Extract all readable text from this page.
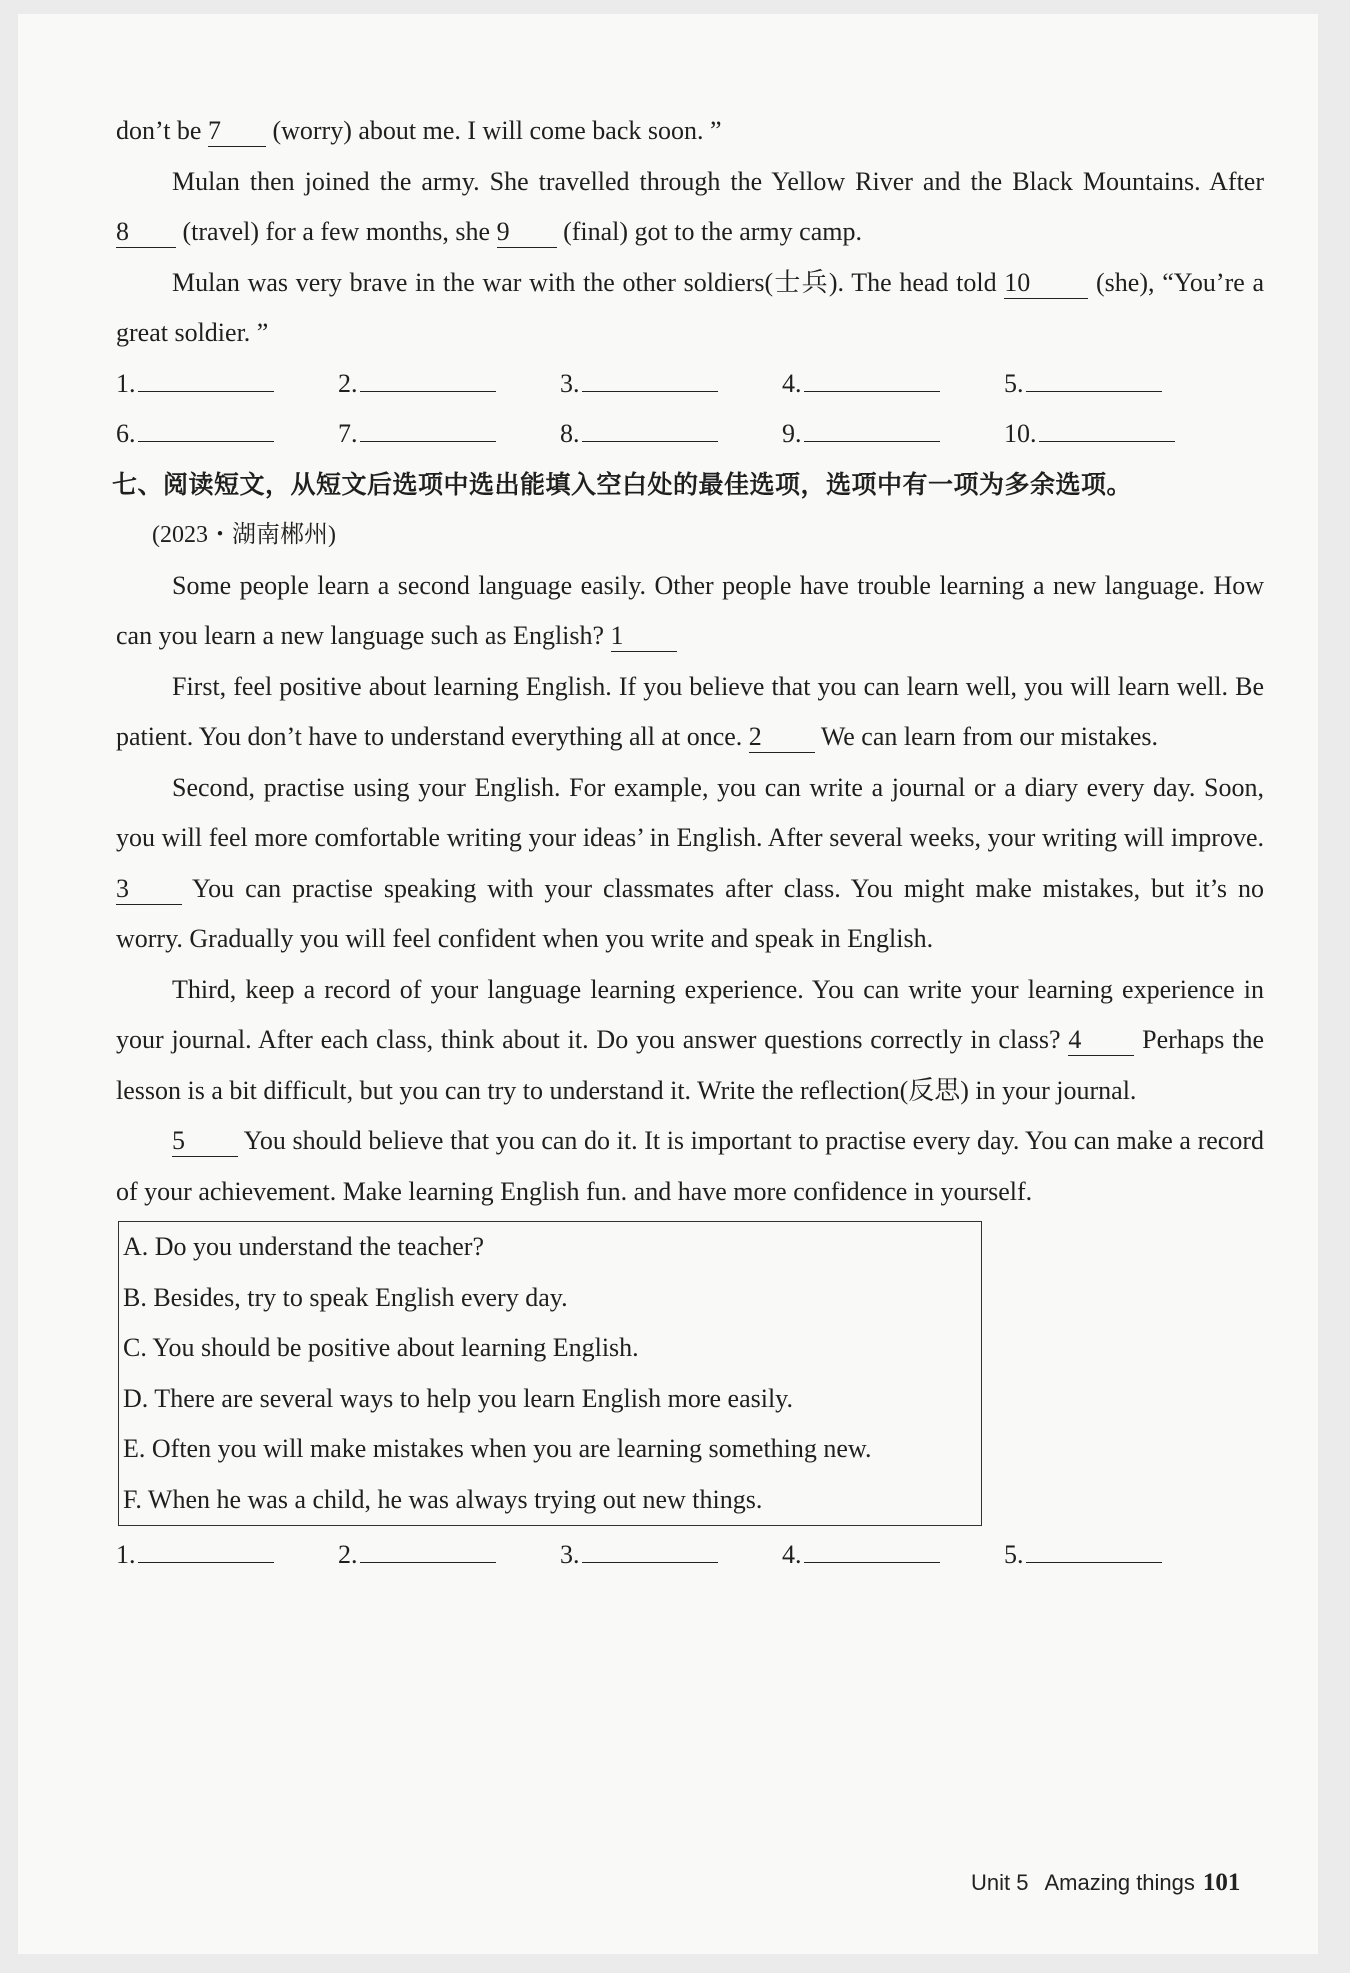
don’t be 7 (worry) about me. I will come back soon. ”

Mulan then joined the army. She travelled through the Yellow River and the Black Mountains. After 8 (travel) for a few months, she 9 (final) got to the army camp.

Mulan was very brave in the war with the other soldiers(士兵). The head told 10	(she), “You’re a great soldier. ”

1.	2.	3.	4.	5.
6.	7.	8.	9.	10.

七、阅读短文，从短文后选项中选出能填入空白处的最佳选项，选项中有一项为多余选项。

(2023・湖南郴州)

Some people learn a second language easily. Other people have trouble learning a new language. How can you learn a new language such as English? 1

First, feel positive about learning English. If you believe that you can learn well, you will learn well. Be patient. You don’t have to understand everything all at once. 2 We can learn from our mistakes.

Second, practise using your English. For example, you can write a journal or a diary every day. Soon, you will feel more comfortable writing your ideas’ in English. After several weeks, your writing will improve. 3 You can practise speaking with your classmates after class. You might make mistakes, but it’s no worry. Gradually you will feel confident when you write and speak in English.

Third, keep a record of your language learning experience. You can write your learning experience in your journal. After each class, think about it. Do you answer questions correctly in class? 4 Perhaps the lesson is a bit difficult, but you can try to understand it. Write the reflection(反思) in your journal.

5 You should believe that you can do it. It is important to practise every day. You can make a record of your achievement. Make learning English fun. and have more confidence in yourself.

A. Do you understand the teacher?
B. Besides, try to speak English every day.
C. You should be positive about learning English.
D. There are several ways to help you learn English more easily.
E. Often you will make mistakes when you are learning something new.
F. When he was a child, he was always trying out new things.
1.	2.	3.	4.	5.
Unit 5 Amazing things 101
